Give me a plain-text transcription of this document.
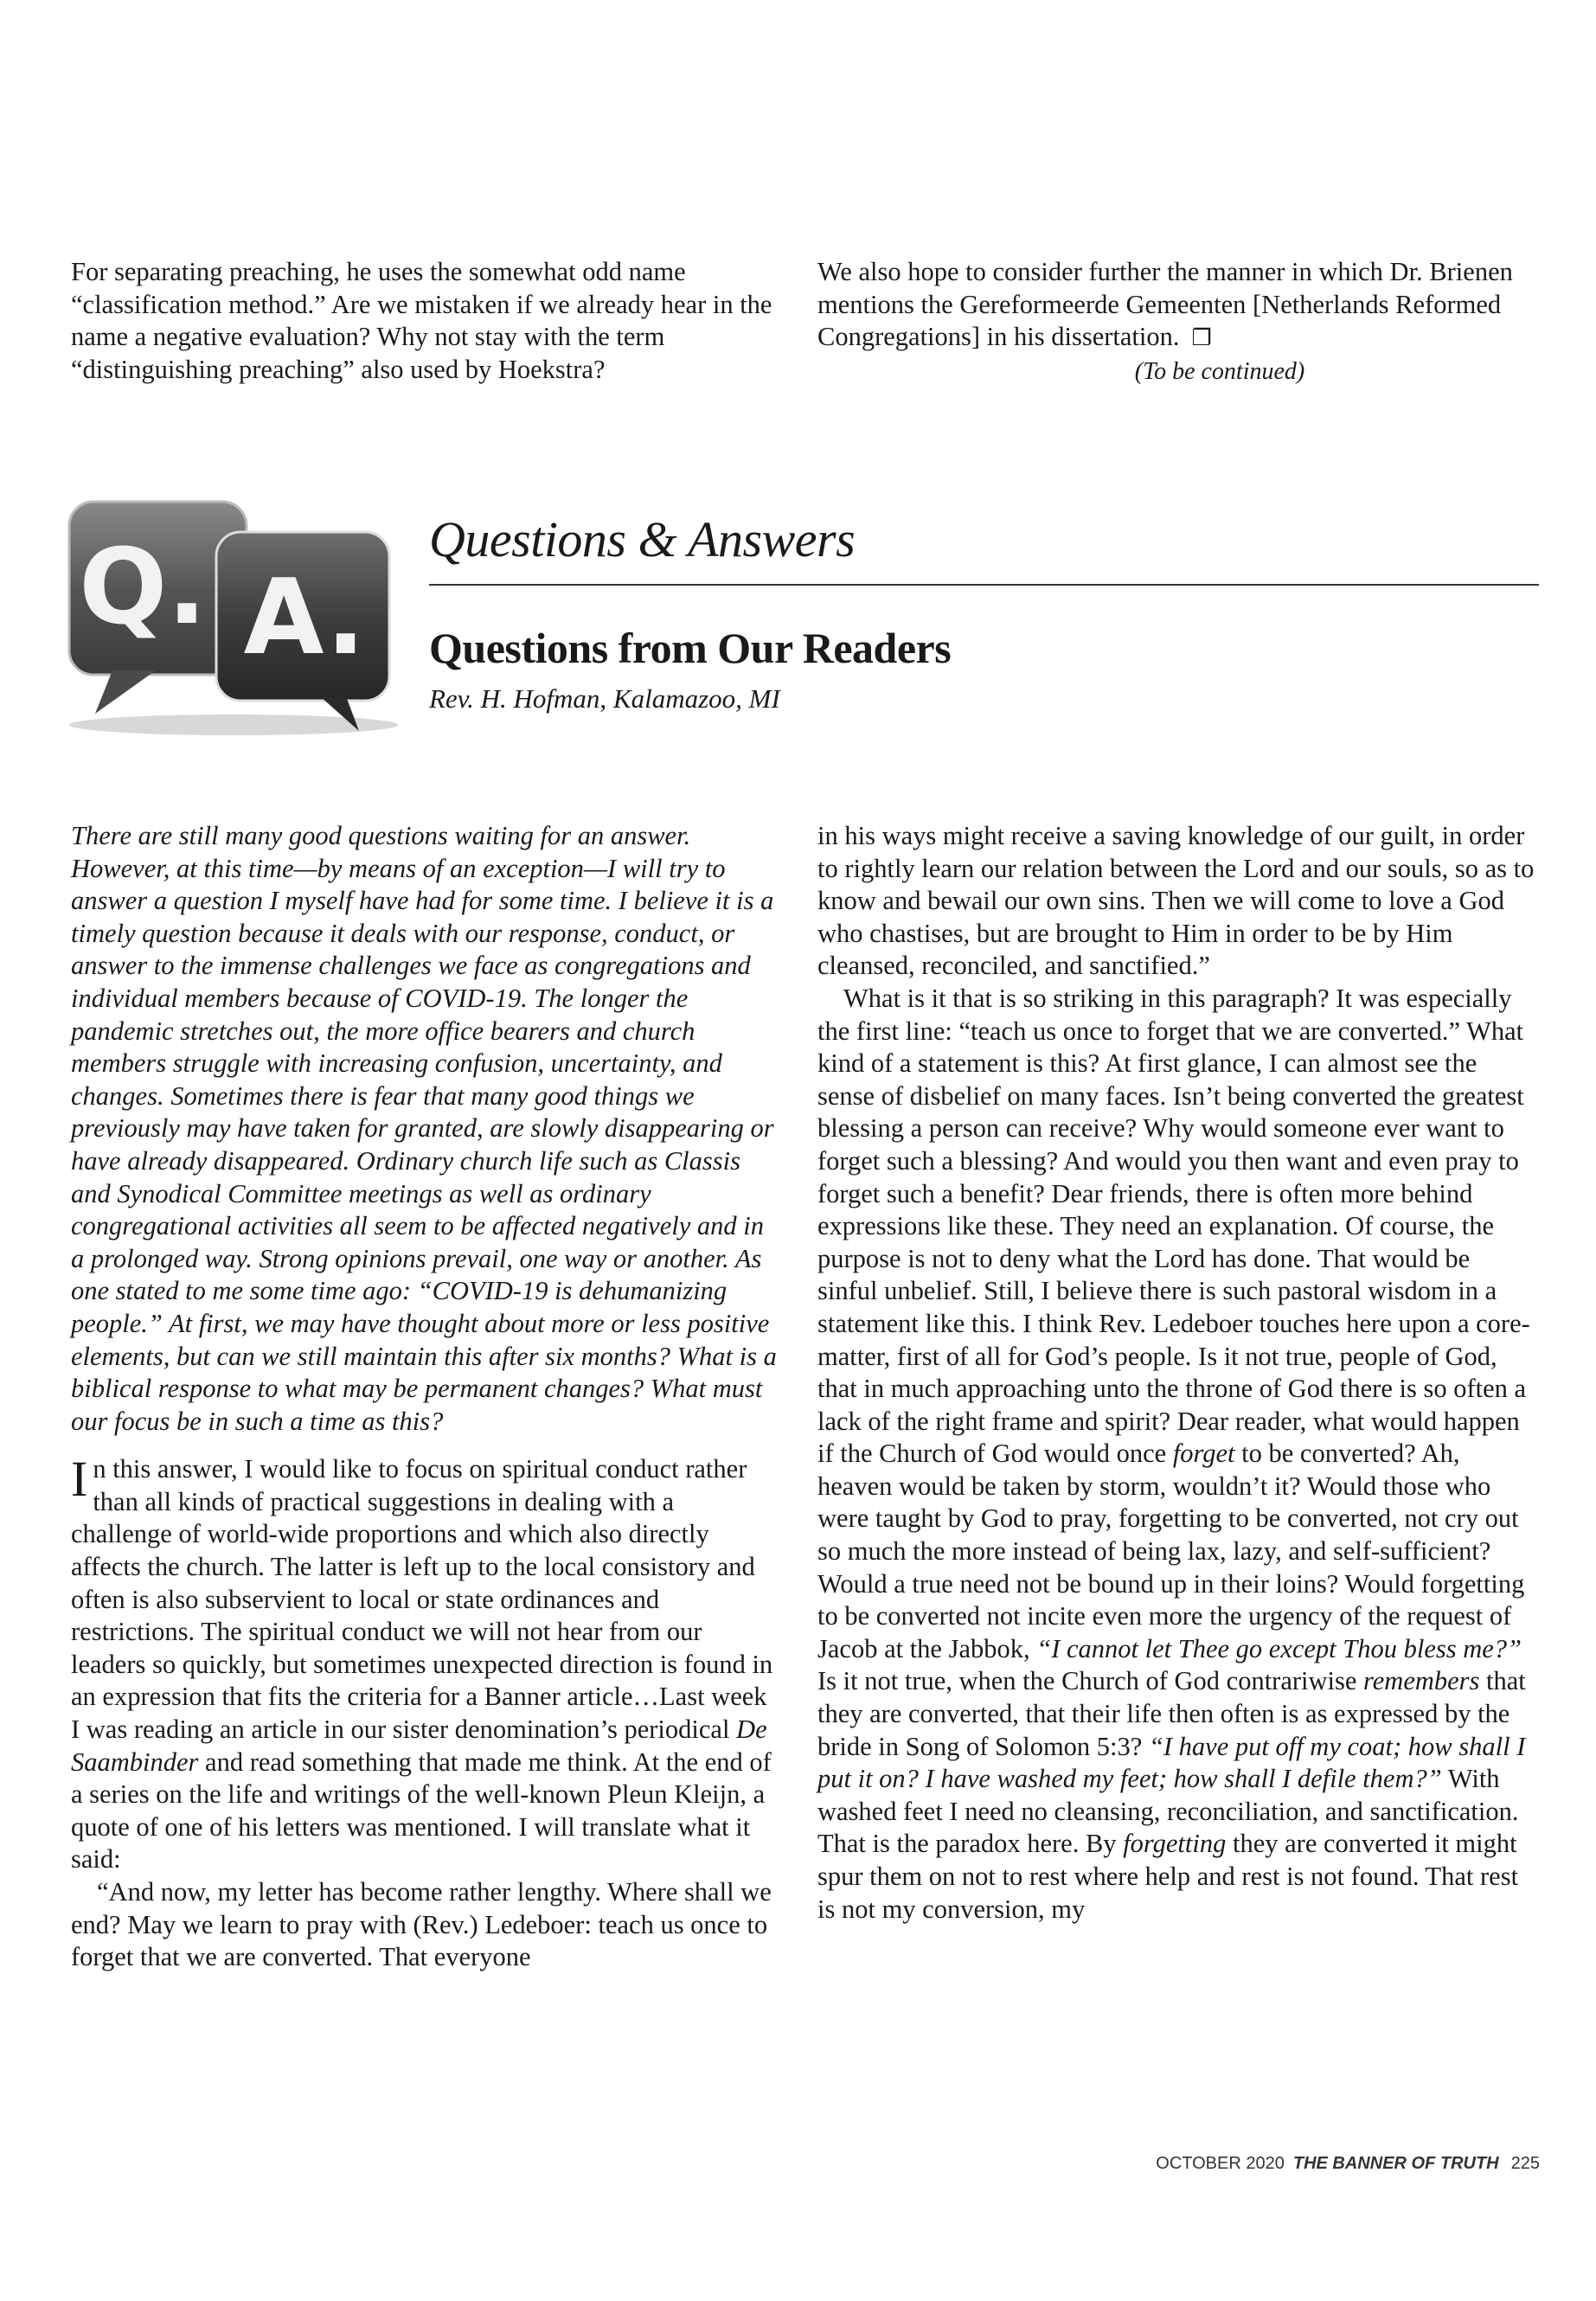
For separating preaching, he uses the somewhat odd name “classification method.” Are we mistaken if we already hear in the name a negative evaluation? Why not stay with the term “distinguishing preaching” also used by Hoekstra?

We also hope to consider further the manner in which Dr. Brienen mentions the Gereformeerde Gemeenten [Netherlands Reformed Congregations] in his dissertation. ❐

(To be continued)

Q. A.
Questions & Answers
Questions from Our Readers
Rev. H. Hofman, Kalamazoo, MI

There are still many good questions waiting for an answer. However, at this time—by means of an exception—I will try to answer a question I myself have had for some time. I believe it is a timely question because it deals with our response, conduct, or answer to the immense challenges we face as congregations and individual members because of COVID-19. The longer the pandemic stretches out, the more office bearers and church members struggle with increasing confusion, uncertainty, and changes. Sometimes there is fear that many good things we previously may have taken for granted, are slowly disappearing or have already disappeared. Ordinary church life such as Classis and Synodical Committee meetings as well as ordinary congregational activities all seem to be affected negatively and in a prolonged way. Strong opinions prevail, one way or another. As one stated to me some time ago: “COVID-19 is dehumanizing people.” At first, we may have thought about more or less positive elements, but can we still maintain this after six months? What is a biblical response to what may be permanent changes? What must our focus be in such a time as this?

In this answer, I would like to focus on spiritual conduct rather than all kinds of practical suggestions in dealing with a challenge of world-wide proportions and which also directly affects the church. The latter is left up to the local consistory and often is also subservient to local or state ordinances and restrictions. The spiritual conduct we will not hear from our leaders so quickly, but sometimes unexpected direction is found in an expression that fits the criteria for a Banner article…Last week I was reading an article in our sister denomination’s periodical De Saambinder and read something that made me think. At the end of a series on the life and writings of the well-known Pleun Kleijn, a quote of one of his letters was mentioned. I will translate what it said:

“And now, my letter has become rather lengthy. Where shall we end? May we learn to pray with (Rev.) Ledeboer: teach us once to forget that we are converted. That everyone

in his ways might receive a saving knowledge of our guilt, in order to rightly learn our relation between the Lord and our souls, so as to know and bewail our own sins. Then we will come to love a God who chastises, but are brought to Him in order to be by Him cleansed, reconciled, and sanctified.”

What is it that is so striking in this paragraph? It was especially the first line: “teach us once to forget that we are converted.” What kind of a statement is this? At first glance, I can almost see the sense of disbelief on many faces. Isn’t being converted the greatest blessing a person can receive? Why would someone ever want to forget such a blessing? And would you then want and even pray to forget such a benefit? Dear friends, there is often more behind expressions like these. They need an explanation. Of course, the purpose is not to deny what the Lord has done. That would be sinful unbelief. Still, I believe there is such pastoral wisdom in a statement like this. I think Rev. Ledeboer touches here upon a core-matter, first of all for God’s people. Is it not true, people of God, that in much approaching unto the throne of God there is so often a lack of the right frame and spirit? Dear reader, what would happen if the Church of God would once forget to be converted? Ah, heaven would be taken by storm, wouldn’t it? Would those who were taught by God to pray, forgetting to be converted, not cry out so much the more instead of being lax, lazy, and self-sufficient? Would a true need not be bound up in their loins? Would forgetting to be converted not incite even more the urgency of the request of Jacob at the Jabbok, “I cannot let Thee go except Thou bless me?” Is it not true, when the Church of God contrariwise remembers that they are converted, that their life then often is as expressed by the bride in Song of Solomon 5:3? “I have put off my coat; how shall I put it on? I have washed my feet; how shall I defile them?” With washed feet I need no cleansing, reconciliation, and sanctification. That is the paradox here. By forgetting they are converted it might spur them on not to rest where help and rest is not found. That rest is not my conversion, my

OCTOBER 2020 THE BANNER OF TRUTH 225
